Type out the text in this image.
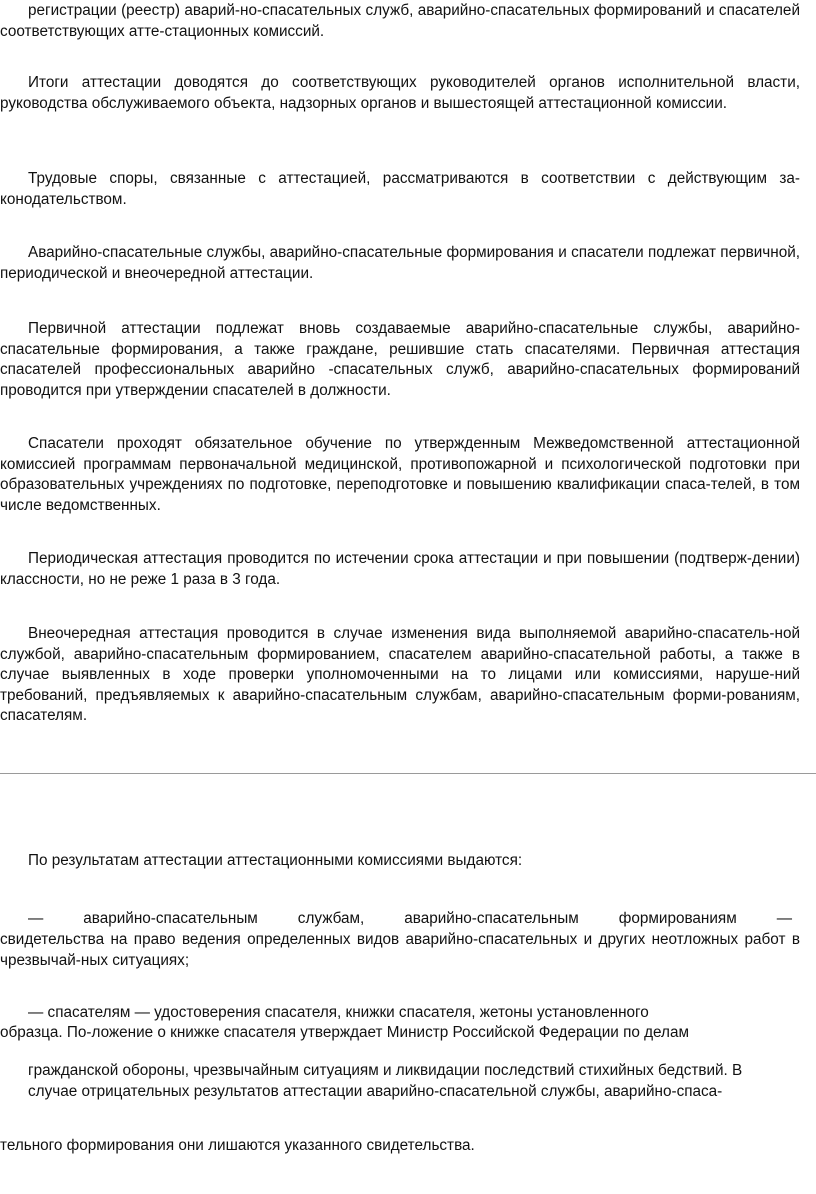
регистрации (реестр) аварий-но-спасательных служб, аварийно-спасательных формирований и спасателей соответствующих атте-стационных комиссий.

Итоги аттестации доводятся до соответствующих руководителей органов исполнительной власти, руководства обслуживаемого объекта, надзорных органов и вышестоящей аттестационной комиссии.

Трудовые споры, связанные с аттестацией, рассматриваются в соответствии с действующим за-конодательством.

Аварийно-спасательные службы, аварийно-спасательные формирования и спасатели подлежат первичной, периодической и внеочередной аттестации.

Первичной аттестации подлежат вновь создаваемые аварийно-спасательные службы, аварийно-спасательные формирования, а также граждане, решившие стать спасателями. Первичная аттестация спасателей профессиональных аварийно -спасательных служб, аварийно-спасательных формирований проводится при утверждении спасателей в должности.

Спасатели проходят обязательное обучение по утвержденным Межведомственной аттестационной комиссией программам первоначальной медицинской, противопожарной и психологической подготовки при образовательных учреждениях по подготовке, переподготовке и повышению квалификации спаса-телей, в том числе ведомственных.

Периодическая аттестация проводится по истечении срока аттестации и при повышении (подтверж-дении) классности, но не реже 1 раза в 3 года.

Внеочередная аттестация проводится в случае изменения вида выполняемой аварийно-спасатель-ной службой, аварийно-спасательным формированием, спасателем аварийно-спасательной работы, а также в случае выявленных в ходе проверки уполномоченными на то лицами или комиссиями, наруше-ний требований, предъявляемых к аварийно-спасательным службам, аварийно-спасательным форми-рованиям, спасателям.

По результатам аттестации аттестационными комиссиями выдаются:

—	аварийно-спасательным	службам,	аварийно-спасательным	формированиям	—

свидетельства на право ведения определенных видов аварийно-спасательных и других неотложных работ в чрезвычай-ных ситуациях;

— спасателям — удостоверения спасателя, книжки спасателя, жетоны установленного

образца. По-ложение о книжке спасателя утверждает Министр Российской Федерации по делам

гражданской обороны, чрезвычайным ситуациям и ликвидации последствий стихийных бедствий. В

случае отрицательных результатов аттестации аварийно-спасательной службы, аварийно-спаса-

тельного формирования они лишаются указанного свидетельства.
